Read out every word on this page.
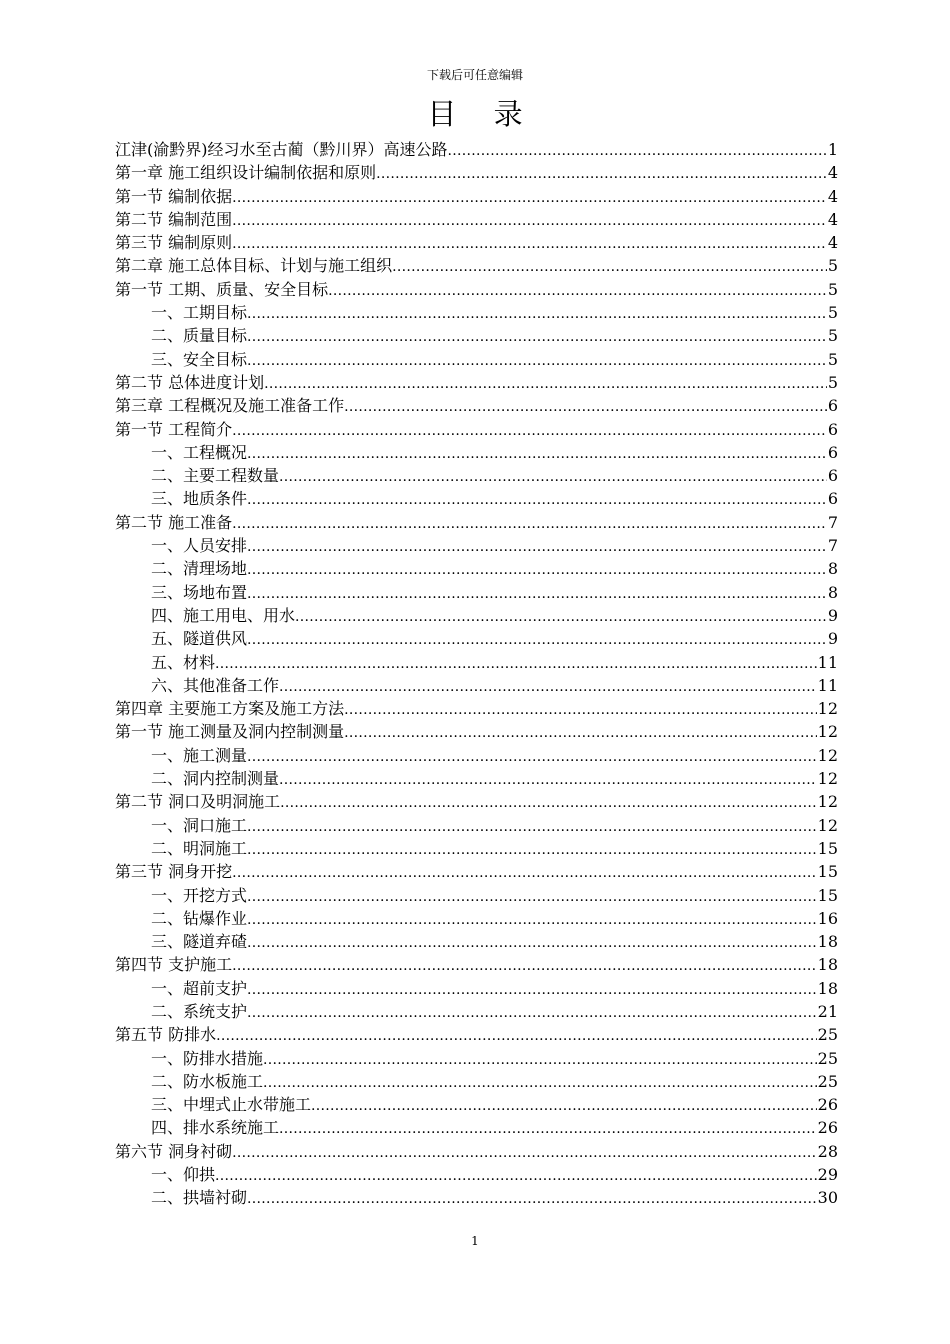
下载后可任意编辑
目 录
江津(渝黔界)经习水至古蔺（黔川界）高速公路 .....	1
第一章 施工组织设计编制依据和原则 .....	4
第一节 编制依据 .....	4
第二节 编制范围 .....	4
第三节 编制原则 .....	4
第二章 施工总体目标、计划与施工组织 .....	5
第一节 工期、质量、安全目标 .....	5
一、工期目标 .....	5
二、质量目标 .....	5
三、安全目标 .....	5
第二节 总体进度计划 .....	5
第三章 工程概况及施工准备工作 .....	6
第一节 工程简介 .....	6
一、工程概况 .....	6
二、主要工程数量 .....	6
三、地质条件 .....	6
第二节 施工准备 .....	7
一、人员安排 .....	7
二、清理场地 .....	8
三、场地布置 .....	8
四、施工用电、用水 .....	9
五、隧道供风 .....	9
五、材料 .....	11
六、其他准备工作 .....	11
第四章 主要施工方案及施工方法 .....	12
第一节 施工测量及洞内控制测量 .....	12
一、施工测量 .....	12
二、洞内控制测量 .....	12
第二节 洞口及明洞施工 .....	12
一、洞口施工 .....	12
二、明洞施工 .....	15
第三节 洞身开挖 .....	15
一、开挖方式 .....	15
二、钻爆作业 .....	16
三、隧道弃碴 .....	18
第四节 支护施工 .....	18
一、超前支护 .....	18
二、系统支护 .....	21
第五节 防排水 .....	25
一、防排水措施 .....	25
二、防水板施工 .....	25
三、中埋式止水带施工 .....	26
四、排水系统施工 .....	26
第六节 洞身衬砌 .....	28
一、仰拱 .....	29
二、拱墙衬砌 .....	30
1
